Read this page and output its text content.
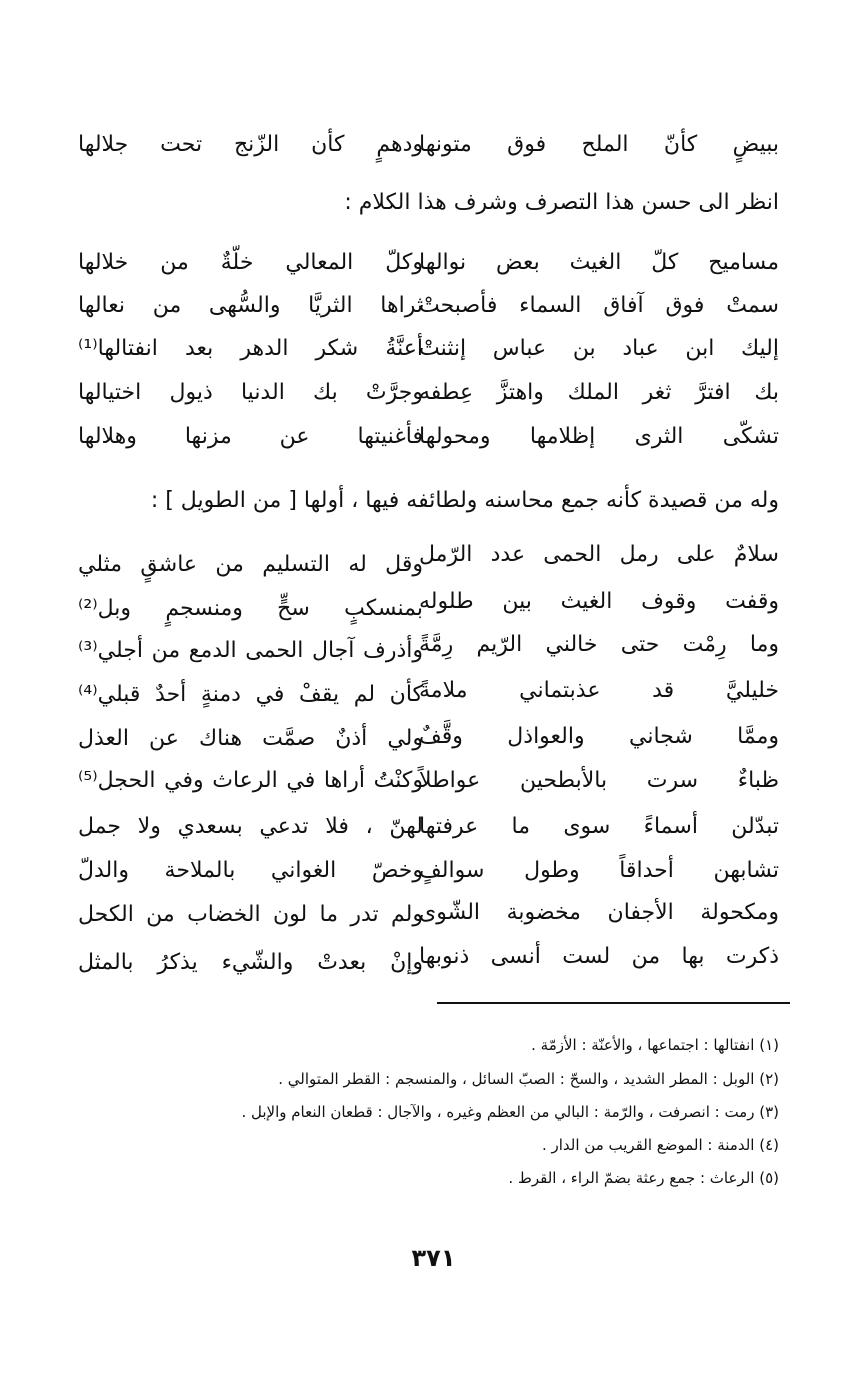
ببيضٍ كأنّ الملح فوق متونها
ودهمٍ كأن الزّنج تحت جلالها
انظر الى حسن هذا التصرف وشرف هذا الكلام :
مساميح كلّ الغيث بعض نوالها
وكلّ المعالي خلّةٌ من خلالها
سمتْ فوق آفاق السماء فأصبحتْ
ثراها الثريَّا والسُّهى من نعالها
إليك ابن عباد بن عباس إنثنتْ
أعنَّةُ شكر الدهر بعد انفتالها⁽¹⁾
بك افترَّ ثغر الملك واهتزَّ عِطفه
وجرَّتْ بك الدنيا ذيول اختيالها
تشكّى الثرى إظلامها ومحولها
فأغنيتها عن مزنها وهلالها
وله من قصيدة كأنه جمع محاسنه ولطائفه فيها ، أولها [ من الطويل ] :
سلامٌ على رمل الحمى عدد الرّمل
وقل له التسليم من عاشقٍ مثلي
وقفت وقوف الغيث بين طلوله
بمنسكبٍ سحٍّ ومنسجمٍ وبل⁽²⁾
وما رِمْت حتى خالني الرّيم رِمَّةً
وأذرف آجال الحمى الدمع من أجلي⁽³⁾
خليليَّ قد عذبتماني ملامةً
كأن لم يقفْ في دمنةٍ أحدٌ قبلي⁽⁴⁾
وممَّا شجاني والعواذل وقَّفٌ
ولي أذنٌ صمَّت هناك عن العذل
ظباءٌ سرت بالأبطحين عواطلاً
وكنْتُ أراها في الرعاث وفي الحجل⁽⁵⁾
تبدّلن أسماءً سوى ما عرفتها
لهنّ ، فلا تدعي بسعدي ولا جمل
تشابهن أحداقاً وطول سوالفٍ
وخصّ الغواني بالملاحة والدلّ
ومكحولة الأجفان مخضوبة الشّوى
ولم تدر ما لون الخضاب من الكحل
ذكرت بها من لست أنسى ذنوبها
وإنْ بعدتْ والشّيء يذكرُ بالمثل
(١) انفتالها : اجتماعها ، والأعنّة : الأزمّة .
(٢) الوبل : المطر الشديد ، والسحّ : الصبّ السائل ، والمنسجم : القطر المتوالي .
(٣) رمت : انصرفت ، والرّمة : البالي من العظم وغيره ، والآجال : قطعان النعام والإبل .
(٤) الدمنة : الموضع القريب من الدار .
(٥) الرعاث : جمع رعثة بضمّ الراء ، القرط .
٣٧١
